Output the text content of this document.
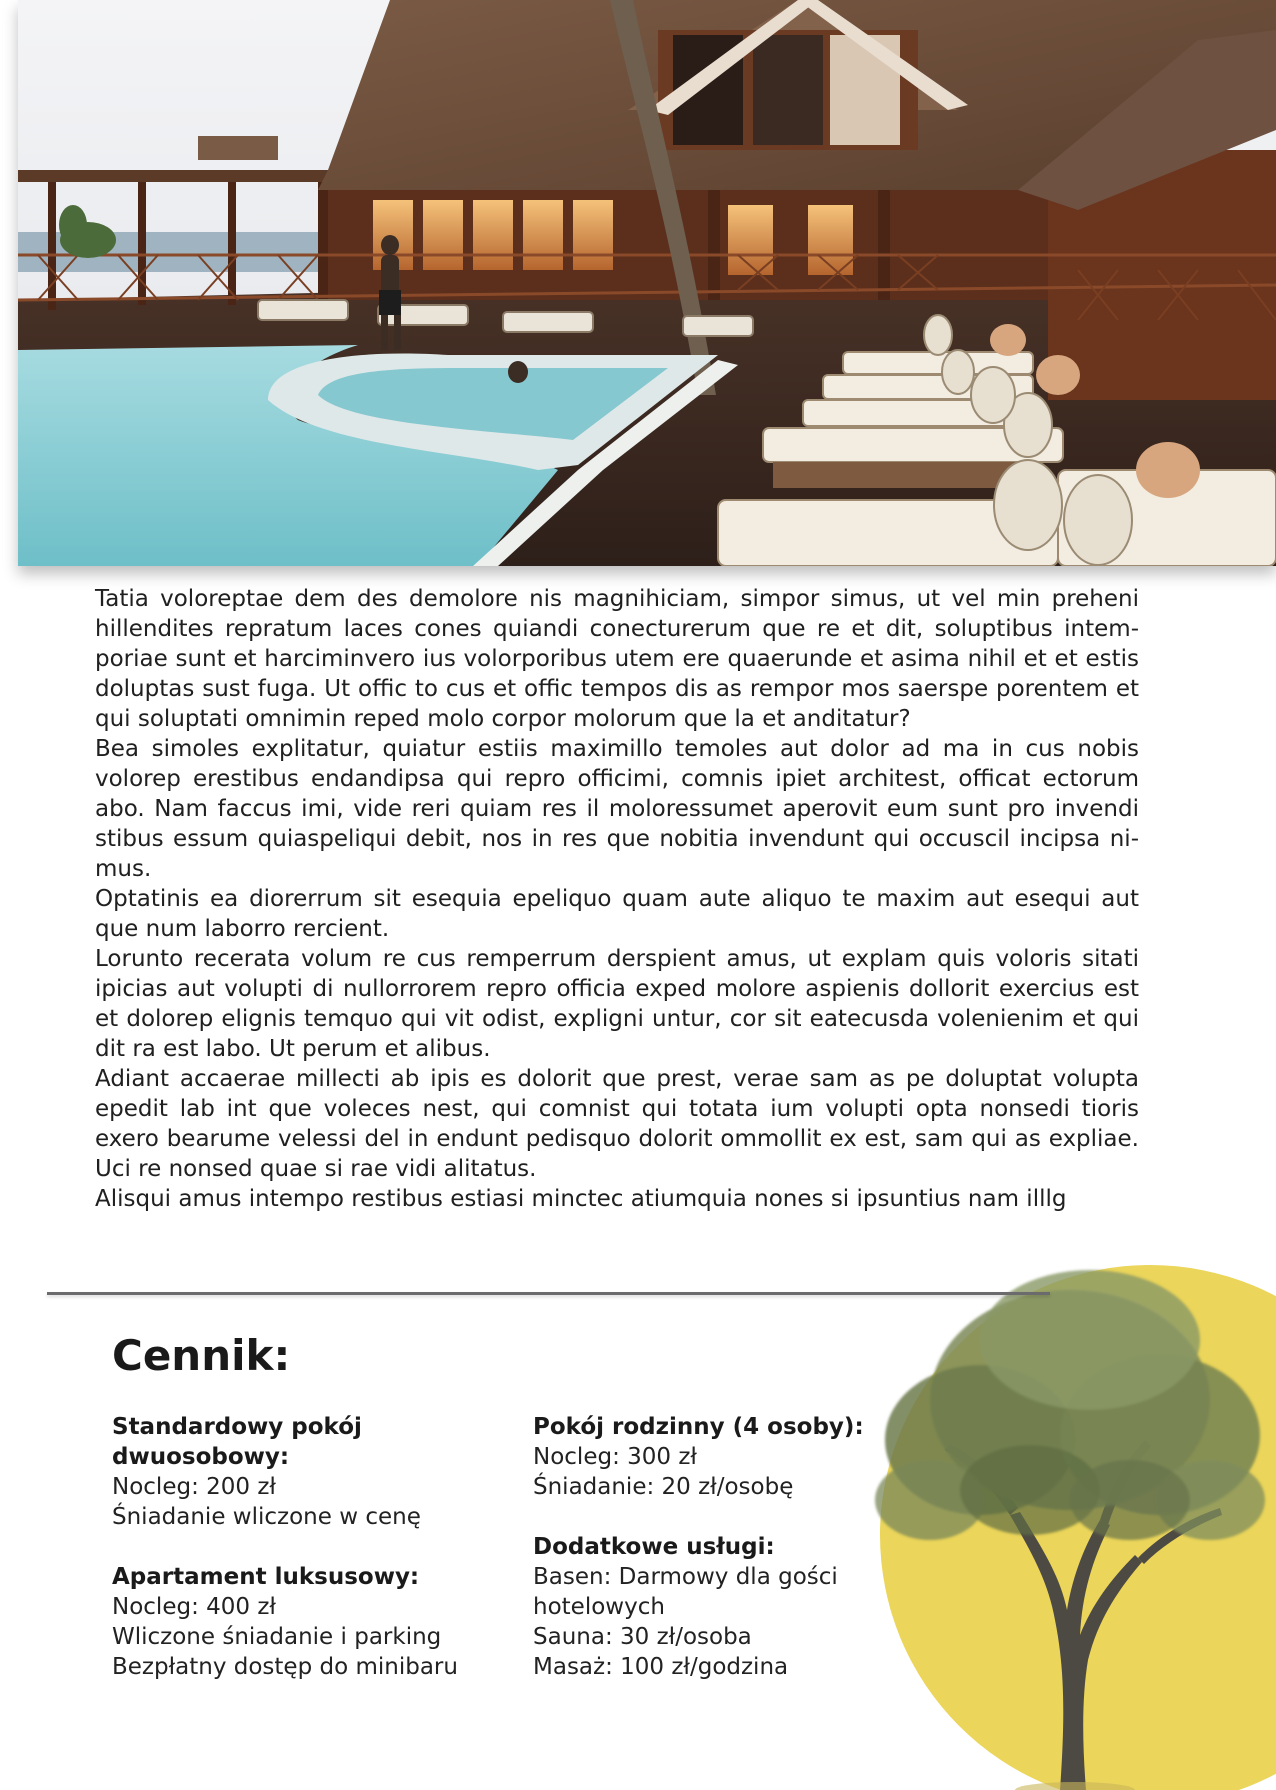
Tatia voloreptae dem des demolore nis magnihiciam, simpor simus, ut vel min preheni hillendites repratum laces cones quiandi conecturerum que re et dit, soluptibus intemporiae sunt et harciminvero ius volorporibus utem ere quaerunde et asima nihil et et estis doluptas sust fuga. Ut offic to cus et offic tempos dis as rempor mos saerspe porentem et qui soluptati omnimin reped molo corpor molorum que la et anditatur?

Bea simoles explitatur, quiatur estiis maximillo temoles aut dolor ad ma in cus nobis volorep erestibus endandipsa qui repro officimi, comnis ipiet architest, officat ectorum abo. Nam faccus imi, vide reri quiam res il moloressumet aperovit eum sunt pro invendi stibus essum quiaspeliqui debit, nos in res que nobitia invendunt qui occuscil incipsa nimus.

Optatinis ea diorerrum sit esequia epeliquo quam aute aliquo te maxim aut esequi aut que num laborro rercient.

Lorunto recerata volum re cus remperrum derspient amus, ut explam quis voloris sitati ipicias aut volupti di nullorrorem repro officia exped molore aspienis dollorit exercius est et dolorep elignis temquo qui vit odist, expligni untur, cor sit eatecusda volenienim et qui dit ra est labo. Ut perum et alibus.

Adiant accaerae millecti ab ipis es dolorit que prest, verae sam as pe doluptat volupta epedit lab int que voleces nest, qui comnist qui totata ium volupti opta nonsedi tioris exero bearume velessi del in endunt pedisquo dolorit ommollit ex est, sam qui as expliae. Uci re nonsed quae si rae vidi alitatus.

Alisqui amus intempo restibus estiasi minctec atiumquia nones si ipsuntius nam illlg

Cennik:
Standardowy pokój dwuosobowy:
Nocleg: 200 zł
Śniadanie wliczone w cenę
Apartament luksusowy:
Nocleg: 400 zł
Wliczone śniadanie i parking
Bezpłatny dostęp do minibaru
Pokój rodzinny (4 osoby):
Nocleg: 300 zł
Śniadanie: 20 zł/osobę
Dodatkowe usługi:
Basen: Darmowy dla gości hotelowych
Sauna: 30 zł/osoba
Masaż: 100 zł/godzina
